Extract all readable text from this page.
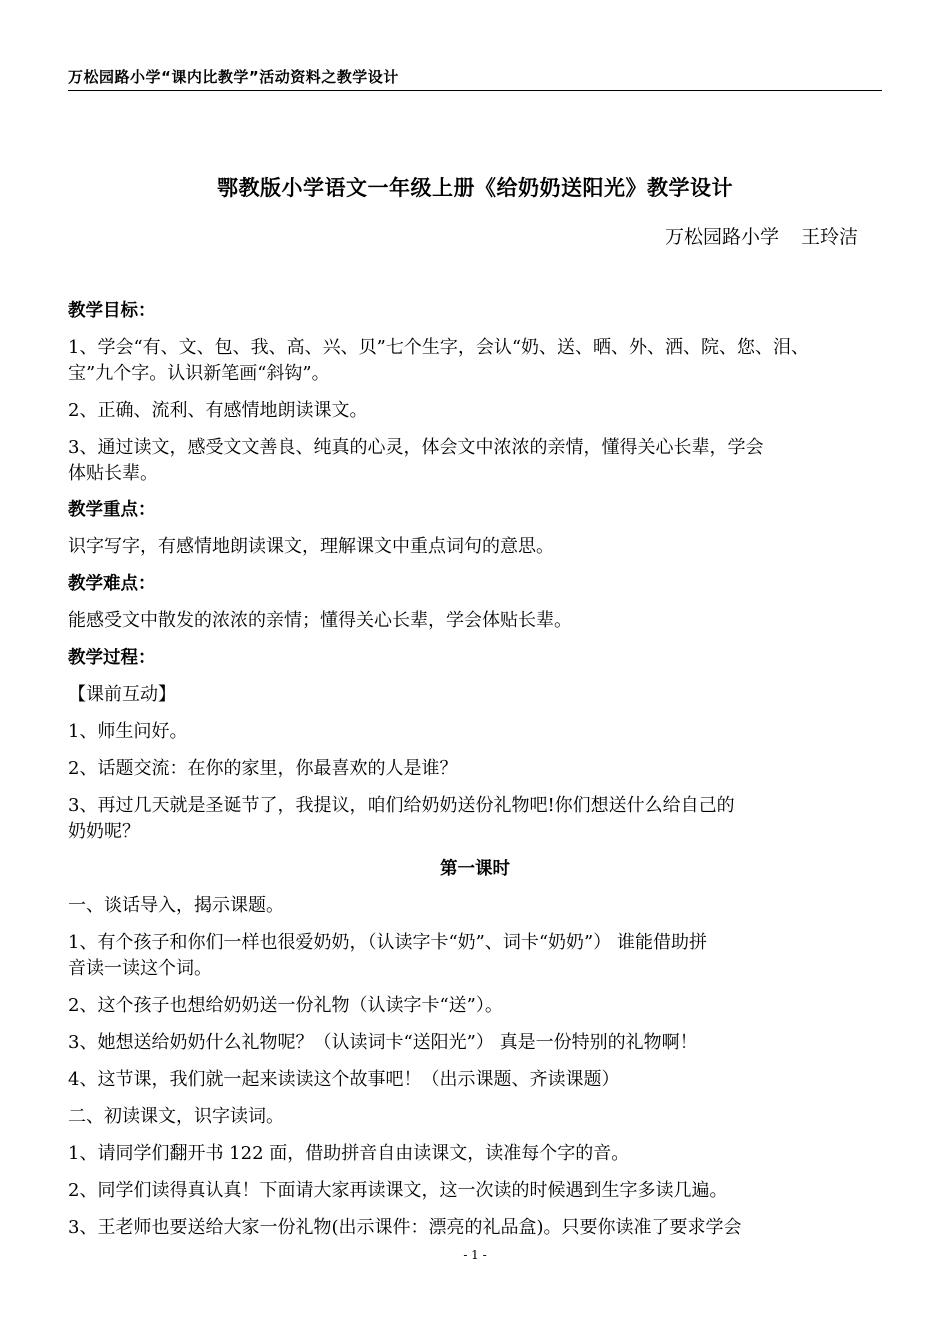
万松园路小学“课内比教学”活动资料之教学设计
鄂教版小学语文一年级上册《给奶奶送阳光》教学设计
万松园路小学 王玲洁
教学目标：
1、学会“有、文、包、我、高、兴、贝”七个生字，会认“奶、送、晒、外、洒、院、您、泪、
宝”九个字。认识新笔画“斜钩”。
2、正确、流利、有感情地朗读课文。
3、通过读文，感受文文善良、纯真的心灵，体会文中浓浓的亲情，懂得关心长辈，学会
体贴长辈。
教学重点：
识字写字，有感情地朗读课文，理解课文中重点词句的意思。
教学难点：
能感受文中散发的浓浓的亲情；懂得关心长辈，学会体贴长辈。
教学过程：
【课前互动】
1、师生问好。
2、话题交流：在你的家里，你最喜欢的人是谁？
3、再过几天就是圣诞节了，我提议，咱们给奶奶送份礼物吧!你们想送什么给自己的
奶奶呢？
第一课时
一、谈话导入，揭示课题。
1、有个孩子和你们一样也很爱奶奶，（认读字卡“奶”、词卡“奶奶”） 谁能借助拼
音读一读这个词。
2、这个孩子也想给奶奶送一份礼物（认读字卡“送”）。
3、她想送给奶奶什么礼物呢？（认读词卡“送阳光”） 真是一份特别的礼物啊！
4、这节课，我们就一起来读读这个故事吧！（出示课题、齐读课题）
二、初读课文，识字读词。
1、请同学们翻开书 122 面，借助拼音自由读课文，读准每个字的音。
2、同学们读得真认真！下面请大家再读课文，这一次读的时候遇到生字多读几遍。
3、王老师也要送给大家一份礼物(出示课件：漂亮的礼品盒)。只要你读准了要求学会
- 1 -
